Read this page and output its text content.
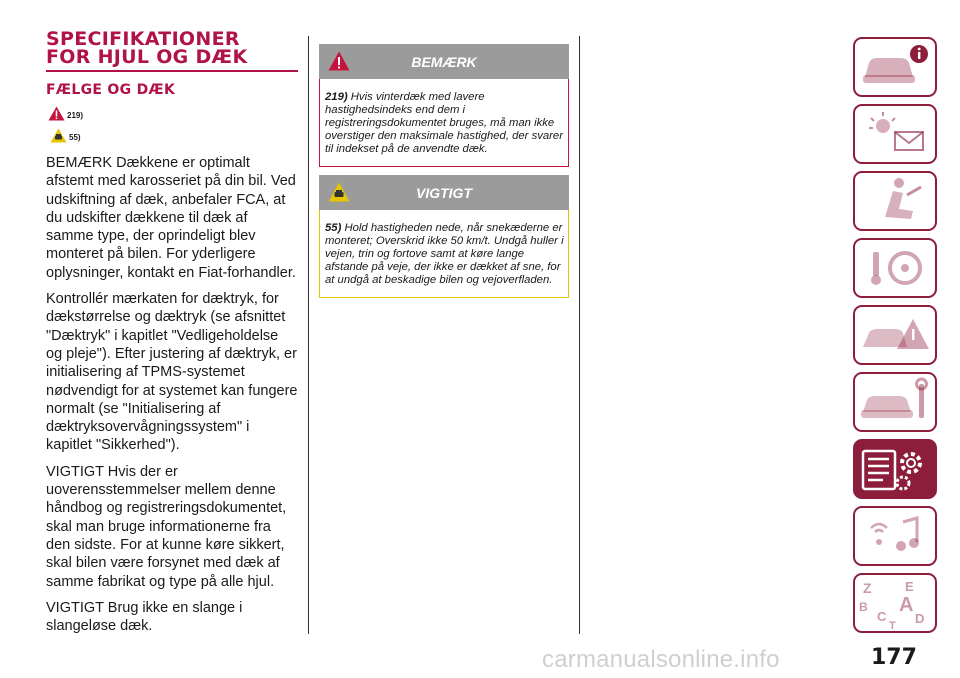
SPECIFIKATIONER
FOR HJUL OG DÆK
FÆLGE OG DÆK
219)
55)

BEMÆRK Dækkene er optimalt afstemt med karosseriet på din bil. Ved udskiftning af dæk, anbefaler FCA, at du udskifter dækkene til dæk af samme type, der oprindeligt blev monteret på bilen. For yderligere oplysninger, kontakt en Fiat-forhandler.

Kontrollér mærkaten for dæktryk, for dækstørrelse og dæktryk (se afsnittet "Dæktryk" i kapitlet "Vedligeholdelse og pleje"). Efter justering af dæktryk, er initialisering af TPMS-systemet nødvendigt for at systemet kan fungere normalt (se "Initialisering af dæktryksovervågningssystem" i kapitlet "Sikkerhed").

VIGTIGT Hvis der er uoverensstemmelser mellem denne håndbog og registreringsdokumentet, skal man bruge informationerne fra den sidste. For at kunne køre sikkert, skal bilen være forsynet med dæk af samme fabrikat og type på alle hjul.

VIGTIGT Brug ikke en slange i slangeløse dæk.

BEMÆRK
219) Hvis vinterdæk med lavere hastighedsindeks end dem i registreringsdokumentet bruges, må man ikke overstiger den maksimale hastighed, der svarer til indekset på de anvendte dæk.
VIGTIGT
55) Hold hastigheden nede, når snekæderne er monteret; Overskrid ikke 50 km/t. Undgå huller i vejen, trin og fortove samt at køre lange afstande på veje, der ikke er dækket af sne, for at undgå at beskadige bilen og vejoverfladen.
Z	E
B A
C D
T
177
carmanualsonline.info
